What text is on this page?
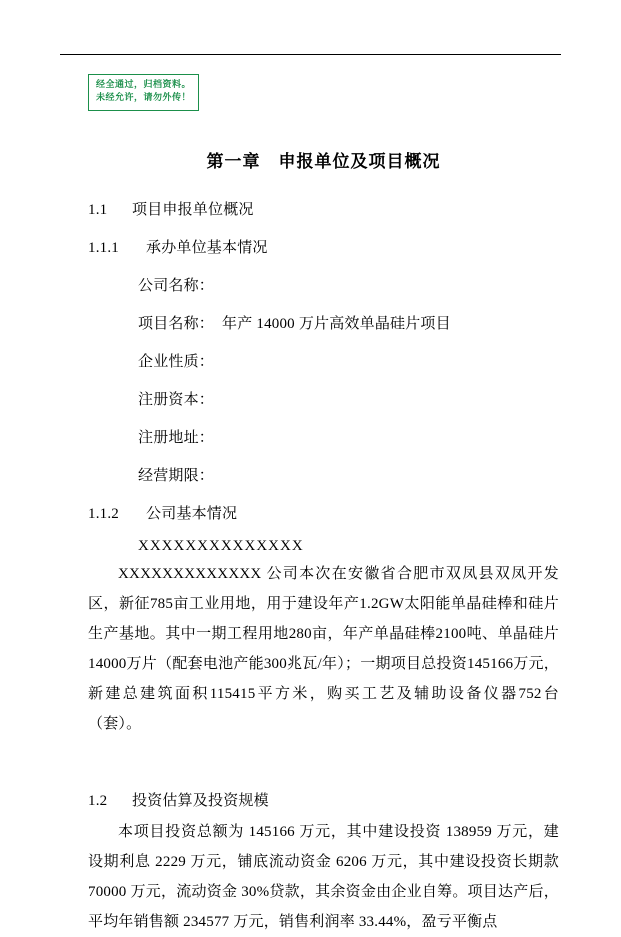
经全通过，归档资料。
未经允许，请勿外传！
第一章 申报单位及项目概况
1.1 项目申报单位概况
1.1.1 承办单位基本情况
公司名称：
项目名称： 年产 14000 万片高效单晶硅片项目
企业性质：
注册资本：
注册地址：
经营期限：
1.1.2 公司基本情况
XXXXXXXXXXXXXX
XXXXXXXXXXXXX 公司本次在安徽省合肥市双凤县双凤开发区，新征785亩工业用地，用于建设年产1.2GW太阳能单晶硅棒和硅片生产基地。其中一期工程用地280亩，年产单晶硅棒2100吨、单晶硅片14000万片（配套电池产能300兆瓦/年）；一期项目总投资145166万元，新建总建筑面积115415平方米，购买工艺及辅助设备仪器752台（套）。
1.2 投资估算及投资规模
本项目投资总额为 145166 万元，其中建设投资 138959 万元，建设期利息 2229 万元，铺底流动资金 6206 万元，其中建设投资长期款 70000 万元，流动资金 30%贷款，其余资金由企业自筹。项目达产后，平均年销售额 234577 万元，销售利润率 33.44%，盈亏平衡点
